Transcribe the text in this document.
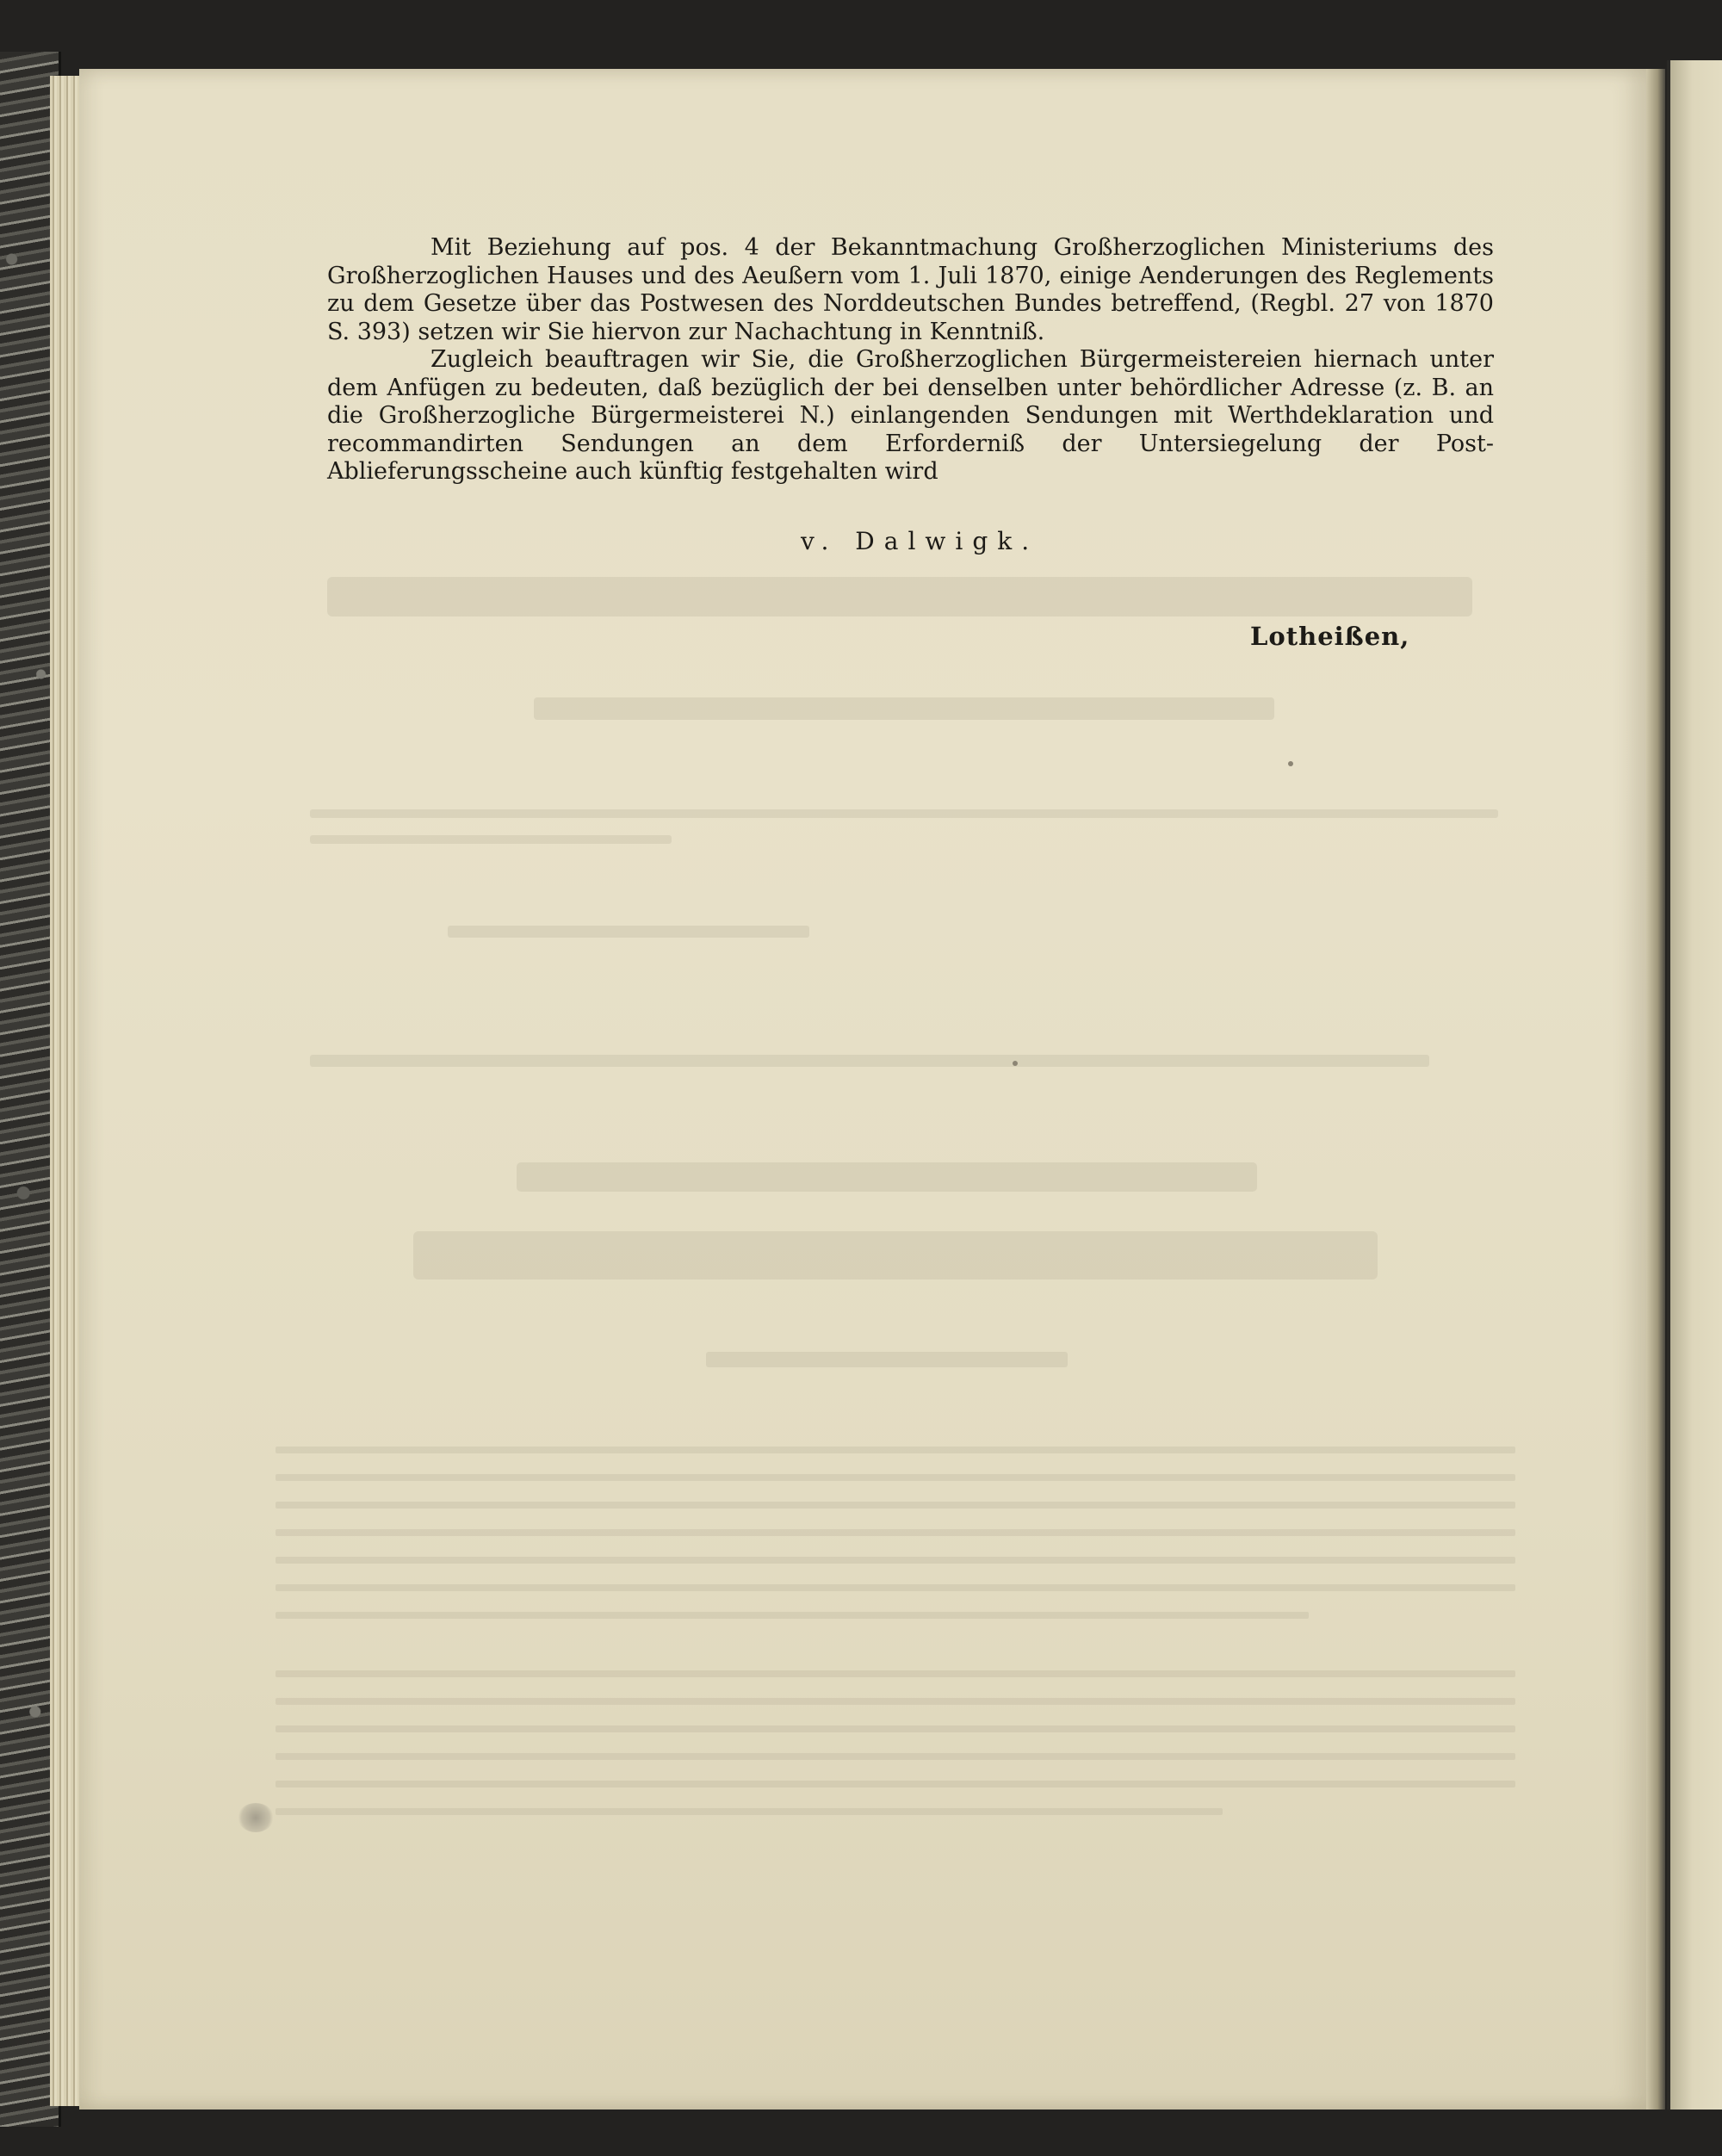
Mit Beziehung auf pos. 4 der Bekanntmachung Großherzoglichen Ministeriums des Großherzoglichen Hauses und des Aeußern vom 1. Juli 1870, einige Aenderungen des Reglements zu dem Gesetze über das Postwesen des Norddeutschen Bundes betreffend, (Regbl. 27 von 1870 S. 393) setzen wir Sie hiervon zur Nachachtung in Kenntniß.

Zugleich beauftragen wir Sie, die Großherzoglichen Bürgermeistereien hiernach unter dem Anfügen zu bedeuten, daß bezüglich der bei denselben unter behördlicher Adresse (z. B. an die Großherzogliche Bürgermeisterei N.) einlangenden Sendungen mit Werthdeklaration und recommandirten Sendungen an dem Erforderniß der Untersiegelung der Post-Ablieferungsscheine auch künftig festgehalten wird

v. Dalwigk.
Lotheißen,
